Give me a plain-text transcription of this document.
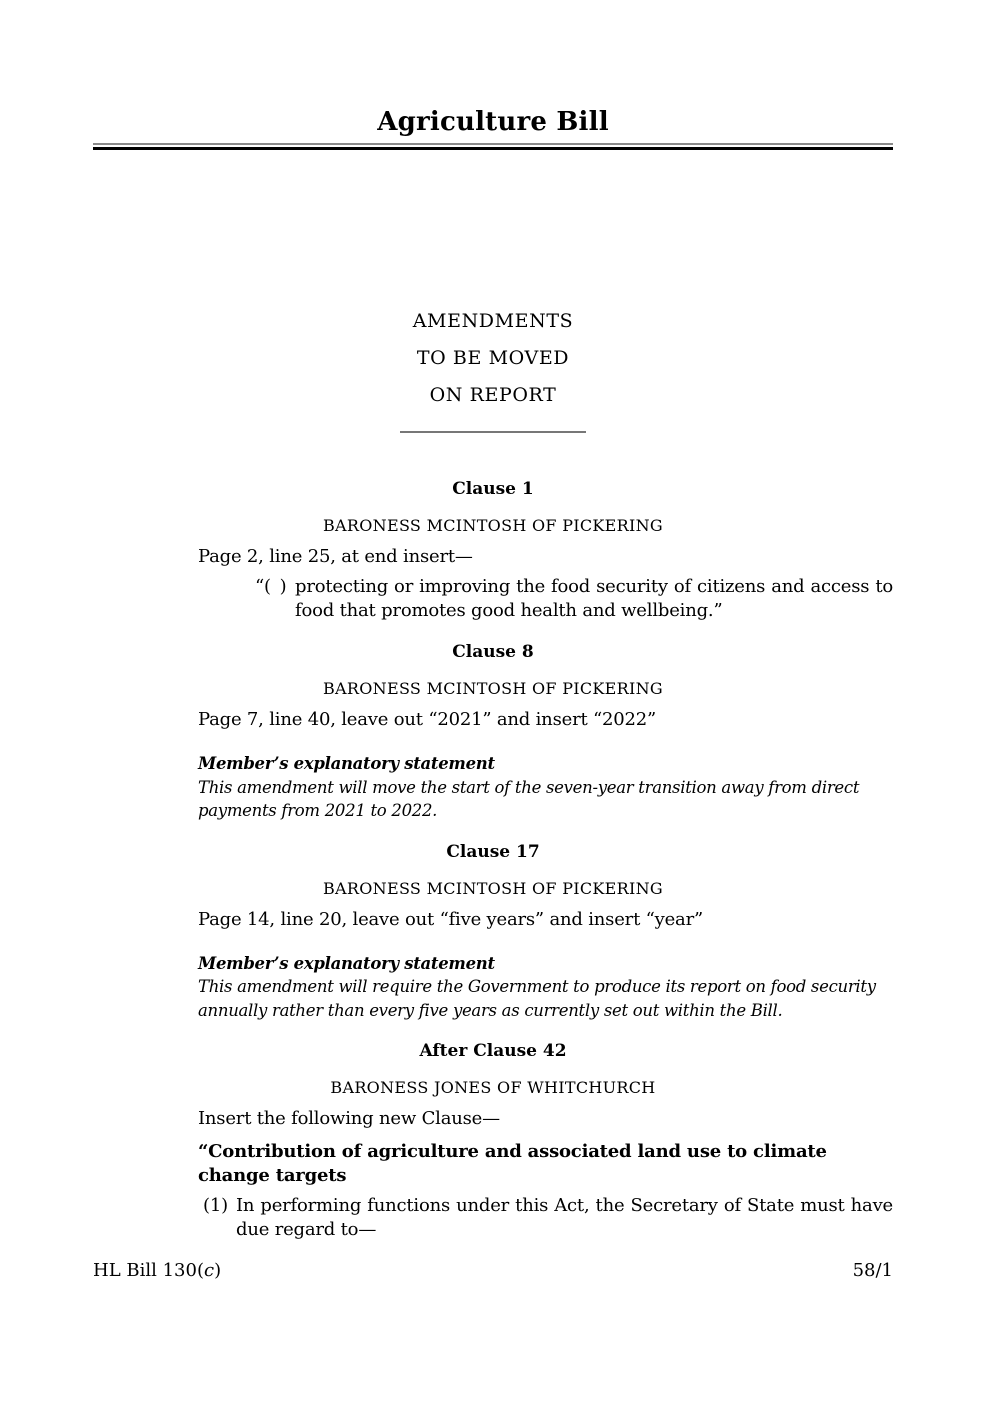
Agriculture Bill
AMENDMENTS
TO BE MOVED
ON REPORT
Clause 1
BARONESS MCINTOSH OF PICKERING
Page 2, line 25, at end insert—
“( ) protecting or improving the food security of citizens and access to food that promotes good health and wellbeing.”
Clause 8
BARONESS MCINTOSH OF PICKERING
Page 7, line 40, leave out “2021” and insert “2022”
Member’s explanatory statement
This amendment will move the start of the seven-year transition away from direct payments from 2021 to 2022.
Clause 17
BARONESS MCINTOSH OF PICKERING
Page 14, line 20, leave out “five years” and insert “year”
Member’s explanatory statement
This amendment will require the Government to produce its report on food security annually rather than every five years as currently set out within the Bill.
After Clause 42
BARONESS JONES OF WHITCHURCH
Insert the following new Clause—
“Contribution of agriculture and associated land use to climate change targets
(1) In performing functions under this Act, the Secretary of State must have due regard to—
HL Bill 130(c)	58/1
